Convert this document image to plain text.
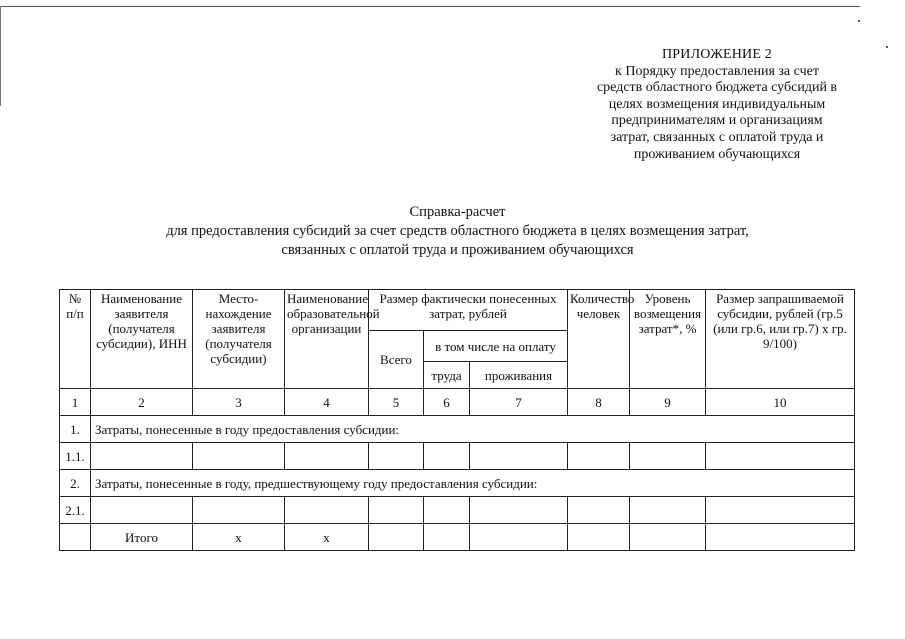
ПРИЛОЖЕНИЕ 2
к Порядку предоставления за счет
средств областного бюджета субсидий в
целях возмещения индивидуальным
предпринимателям и организациям
затрат, связанных с оплатой труда и
проживанием обучающихся
Справка-расчет
для предоставления субсидий за счет средств областного бюджета в целях возмещения затрат,
связанных с оплатой труда и проживанием обучающихся
№ п/п	Наименование заявителя (получателя субсидии), ИНН	Место-нахождение заявителя (получателя субсидии)	Наименование образовательной организации	Размер фактически понесенных затрат, рублей			Количество человек	Уровень возмещения затрат*, %	Размер запрашиваемой субсидии, рублей (гр.5 (или гр.6, или гр.7) х гр. 9/100)
				Всего	в том числе на оплату				
					труда	проживания			
1	2	3	4	5	6	7	8	9	10
1.	Затраты, понесенные в году предоставления субсидии:								
1.1.									
2.	Затраты, понесенные в году, предшествующему году предоставления субсидии:								
2.1.									
	Итого	x	x						
